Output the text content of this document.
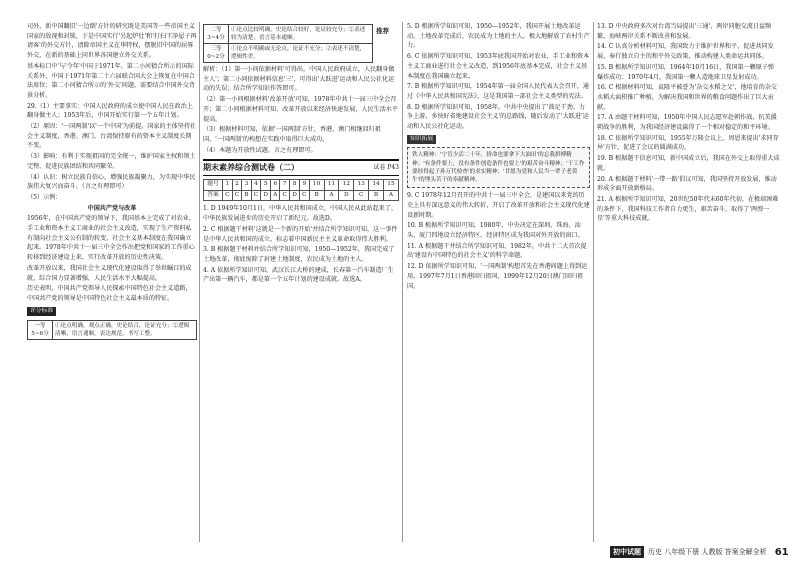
司外，新中国翻旧'一边倒'方针的研究既是美国等一些帝国主义国家的敌视和封锁，于是中国实行'另起炉灶'和'打扫干净屋子再请客'的外交方针，清除帝国主义在华特权，摆脱旧中国的屈辱外交，在新的基础上同世界各国建立外交关系。

基本标口中'与'令年'中国于1971年。第二小河猜合所示的国际关系外，中国于1971年第二十六届联合国大会上恢复在中国合法席位；第二小河猜合所示的'外交'问题，需要结合中国外交背景分析。

29.（1）主要事实：中国人民政府的成立使中国人民在政治上翻身做主人；1953年后，中国开始实行第一个五年计划。

（2）原因：'一国两制'以'一个中国'为前提，国家的主体坚持社会主义制度，香港、澳门、台湾保持原有的资本主义制度长期不变。

（3）影响：有利于实现祖国的完全统一，维护国家主权和领土完整，促进民族团结和共同繁荣。

（4）认识：树立民族自信心，增强民族凝聚力，为实现中华民族伟大复兴而奋斗。（言之有理即可）

（5）示例：

中国共产党与改革

1956年，在中国共产党的领导下，我国基本上完成了对农业、手工业和资本主义工商业的社会主义改造，实现了生产资料私有制向社会主义公有制的转变，社会主义基本制度在我国确立起来。1978年中共十一届三中全会作出把党和国家的工作重心转移到经济建设上来、实行改革开放的历史性决策。

改革开放以来，我国社会主义现代化建设取得了举世瞩目的成就，综合国力显著增强，人民生活水平大幅提高。

历史表明，中国共产党领导人民探索中国特色社会主义道路，中国共产党的领导是中国特色社会主义最本质的特征。

评分标准
一等 5~6分	①论点明确，观点正确，史论结合，论证充分；②逻辑清晰，语言通顺，表达规范，书写工整。
二等 3~4分	①论点比较明确，史论结合较好，论证较充分；②表述较为清楚，语言基本通顺。
三等 0~2分	①论点不明确或无论点，论证不充分；②表述不清楚，逻辑性差。

解析：（1）第一小问依据材料'可得出，中国人民政府成立，人民翻身做主人'；第二小问依据材料信息'三'，可得出'大跃进'运动和人民公社化运动的失误；结合所学知识作答即可。

（2）第一小问根据材料'改革开放'可知，1978年中共十一届三中全会召开；第二小问根据材料可知，改革开放以来经济快速发展，人民生活水平提高。

（3）根据材料可知，依据'一国两制'方针，香港、澳门相继回归祖国，'一国两制'的构想在实践中取得巨大成功。

（4）本题为开放性试题，言之有理即可。

期末素养综合测试卷（二）	试卷 P43
题号	1	2	3	4	5	6	7	8	9	10	11	12	13	14	15
答案	C	C	B	C	D	A	C	D	C	B	A	D	C	B	A

1. D 1949年10月1日，中华人民共和国成立，中国人民从此站起来了，中华民族发展进步的历史开启了新纪元。故选D。

2. C 根据题干材料'这就是一个新的开始'并结合所学知识可知，这一事件是中华人民共和国的成立，标志着中国新民主主义革命取得伟大胜利。

3. B 根据题干材料并结合所学知识可知，1950—1952年，我国完成了土地改革，彻底废除了封建土地制度，农民成为土地的主人。

4. A 依据所学知识可知，武汉长江大桥的建成，长春第一汽车制造厂生产出第一辆汽车，都是第一个五年计划的建设成就。故选A。

推荐

5. D 根据所学知识可知，1950—1952年，我国开展土地改革运动。土地改革完成后，农民成为土地的主人，极大地解放了农村生产力。

6. C 依据所学知识可知，1953年底我国开始对农业、手工业和资本主义工商业进行社会主义改造，到1956年底基本完成，社会主义基本制度在我国确立起来。

7. B 根据所学知识可知，1954年第一届全国人民代表大会召开，通过《中华人民共和国宪法》，这是我国第一部社会主义类型的宪法。

8. D 根据所学知识可知，1958年，中共中央提出了'鼓足干劲、力争上游、多快好省地建设社会主义'的总路线，随后发动了'大跃进'运动和人民公社化运动。

知识拓展
铁人精神：'宁肯少活二十年，拼命也要拿下大油田'的忘我拼搏精神；'有条件要上，没有条件创造条件也要上'的艰苦奋斗精神；'干工作要经得起子孙万代检查'的求实精神；'甘愿为党和人民当一辈子老黄牛'的埋头苦干的奉献精神。

9. C 1978年12月召开的中共十一届三中全会，是建国以来党的历史上具有深远意义的伟大转折，开启了改革开放和社会主义现代化建设新时期。

10. B 根据所学知识可知，1980年，中央决定在深圳、珠海、汕头、厦门四地设立经济特区，经济特区成为我国对外开放的窗口。

11. A 根据题干并结合所学知识可知，1982年，中共十二大首次提出'建设有中国特色的社会主义'的科学命题。

12. D 依据所学知识可知，'一国两制'构想首先在香港问题上得到运用，1997年7月1日香港回归祖国，1999年12月20日澳门回归祖国。

13. D 中央政府多次对台湾当局提出'三通'，两岸同胞交流日益频繁，海峡两岸关系不断改善和发展。

14. C 认真分析材料可知，我国致力于维护世界和平，促进共同发展，奉行独立自主的和平外交政策，推动构建人类命运共同体。

15. B 根据所学知识可知，1964年10月16日，我国第一颗原子弹爆炸成功；1970年4月，我国第一颗人造地球卫星发射成功。

16. C 根据材料可知，袁隆平被誉为'杂交水稻之父'，他培育的杂交水稻大面积推广种植，为解决我国和世界的粮食问题作出了巨大贡献。

17. A 由题干材料可知，1950年中国人民志愿军赴朝作战，抗美援朝战争的胜利，为我国经济建设赢得了一个相对稳定的和平环境。

18. C 依据所学知识可知，1955年万隆会议上，周恩来提出'求同存异'方针，促进了会议的圆满成功。

19. B 根据题干信息可知，新中国成立后，我国在外交上取得重大成就。

20. A 根据题干材料'一带一路'倡议可知，我国坚持开放发展，推动形成全面开放新格局。

21. A 根据所学知识可知，20世纪50年代末60年代初，在极端困难的条件下，我国科技工作者自力更生，艰苦奋斗，取得了'两弹一星'等重大科技成就。

初中试题	历史 八年级下册 人教版 答案全解全析 61
